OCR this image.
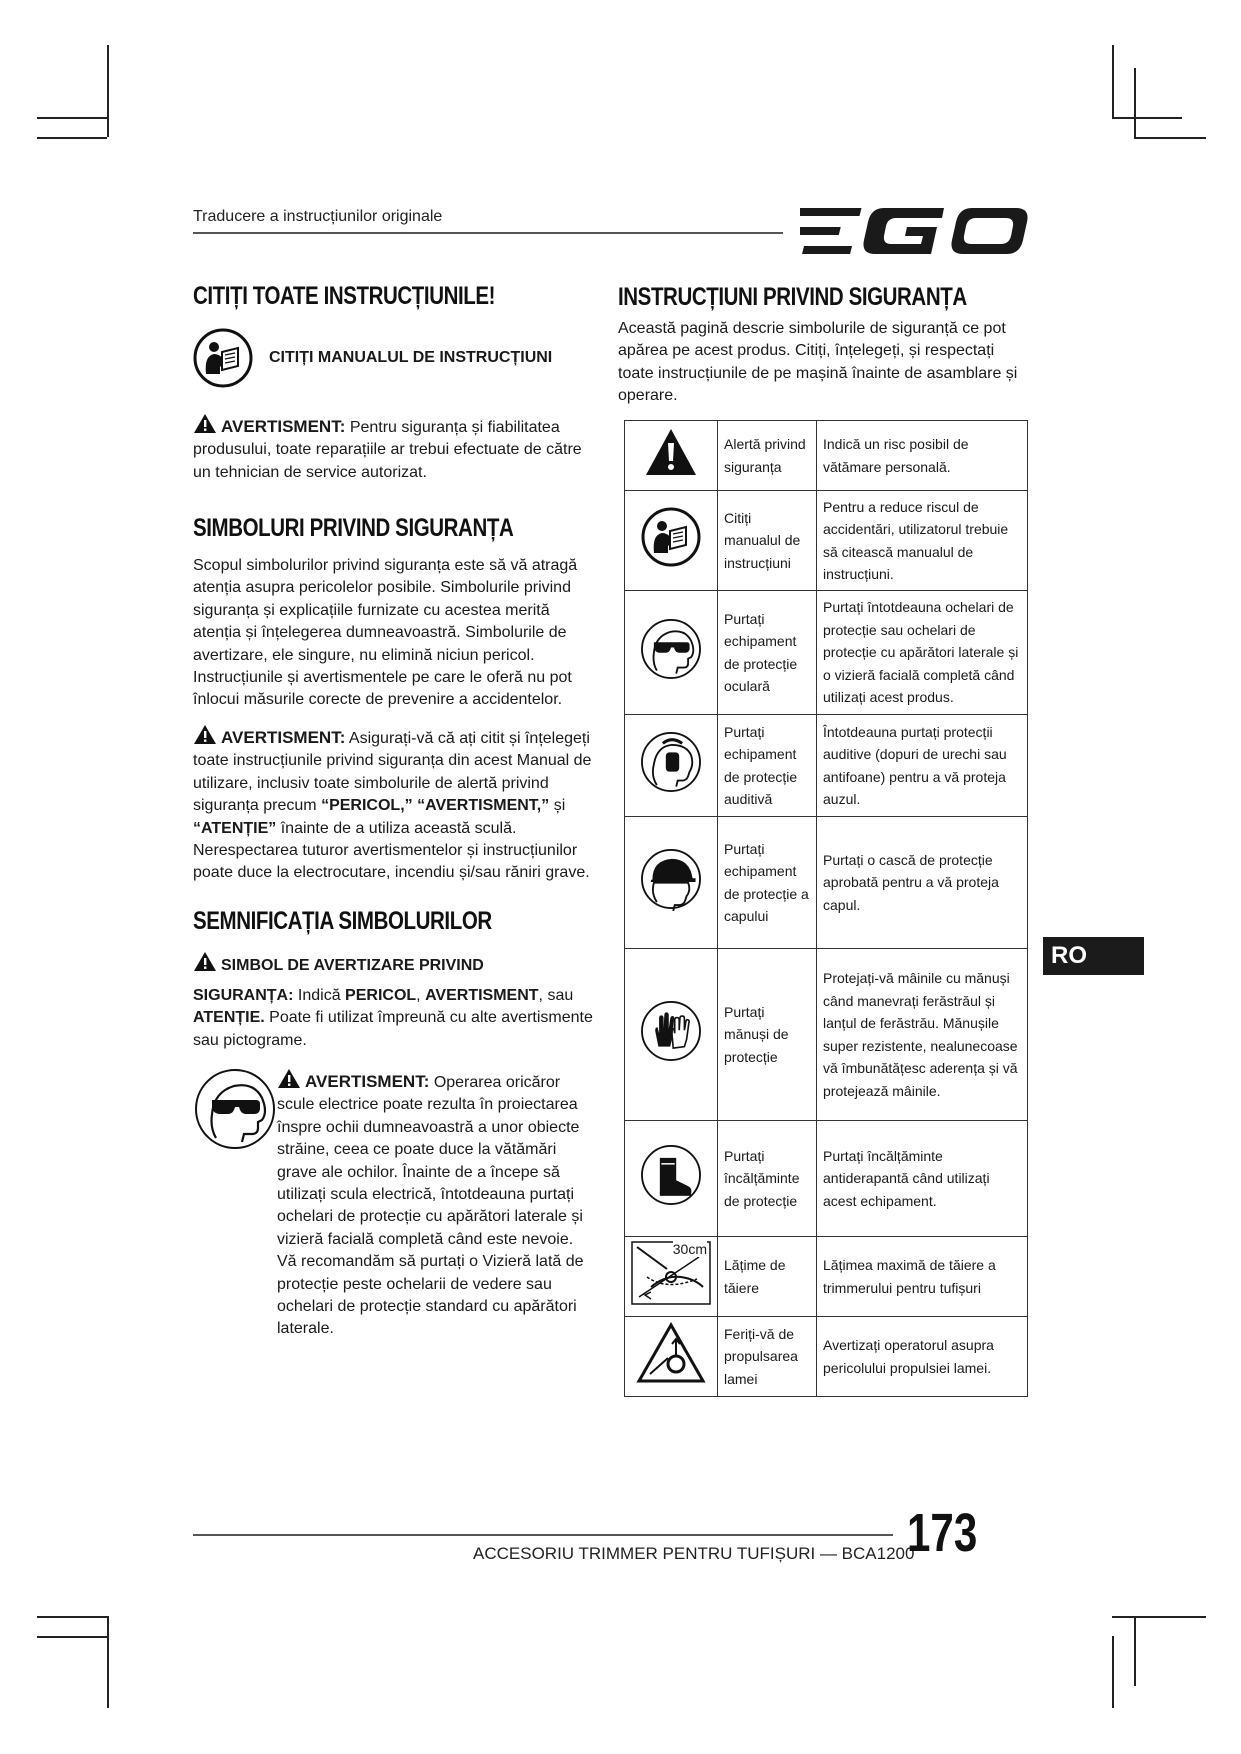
Traducere a instrucțiunilor originale
CITIȚI TOATE INSTRUCȚIUNILE!
CITIȚI MANUALUL DE INSTRUCȚIUNI
AVERTISMENT: Pentru siguranța și fiabilitatea produsului, toate reparațiile ar trebui efectuate de către un tehnician de service autorizat.
SIMBOLURI PRIVIND SIGURANȚA
Scopul simbolurilor privind siguranța este să vă atragă atenția asupra pericolelor posibile. Simbolurile privind siguranța și explicațiile furnizate cu acestea merită atenția și înțelegerea dumneavoastră. Simbolurile de avertizare, ele singure, nu elimină niciun pericol. Instrucțiunile și avertismentele pe care le oferă nu pot înlocui măsurile corecte de prevenire a accidentelor.
AVERTISMENT: Asigurați-vă că ați citit și înțelegeți toate instrucțiunile privind siguranța din acest Manual de utilizare, inclusiv toate simbolurile de alertă privind siguranța precum “PERICOL,” “AVERTISMENT,” și “ATENȚIE” înainte de a utiliza această sculă. Nerespectarea tuturor avertismentelor și instrucțiunilor poate duce la electrocutare, incendiu și/sau răniri grave.
SEMNIFICAȚIA SIMBOLURILOR
SIMBOL DE AVERTIZARE PRIVIND
SIGURANȚA: Indică PERICOL, AVERTISMENT, sau ATENȚIE. Poate fi utilizat împreună cu alte avertismente sau pictograme.
AVERTISMENT: Operarea oricăror scule electrice poate rezulta în proiectarea înspre ochii dumneavoastră a unor obiecte străine, ceea ce poate duce la vătămări grave ale ochilor. Înainte de a începe să utilizați scula electrică, întotdeauna purtați ochelari de protecție cu apărători laterale și vizieră facială completă când este nevoie. Vă recomandăm să purtați o Vizieră lată de protecție peste ochelarii de vedere sau ochelari de protecție standard cu apărători laterale.
INSTRUCȚIUNI PRIVIND SIGURANȚA
Această pagină descrie simbolurile de siguranță ce pot apărea pe acest produs. Citiți, înțelegeți, și respectați toate instrucțiunile de pe mașină înainte de asamblare și operare.
	Alertă privind siguranța	Indică un risc posibil de vătămare personală.
	Citiți manualul de instrucțiuni	Pentru a reduce riscul de accidentări, utilizatorul trebuie să citească manualul de instrucțiuni.
	Purtați echipament de protecție oculară	Purtați întotdeauna ochelari de protecție sau ochelari de protecție cu apărători laterale și o vizieră facială completă când utilizați acest produs.
	Purtați echipament de protecție auditivă	Întotdeauna purtați protecții auditive (dopuri de urechi sau antifoane) pentru a vă proteja auzul.
	Purtați echipament de protecție a capului	Purtați o cască de protecție aprobată pentru a vă proteja capul.
	Purtați mănuși de protecție	Protejați-vă mâinile cu mănuși când manevrați ferăstrăul și lanțul de ferăstrău. Mănușile super rezistente, nealunecoase vă îmbunătățesc aderența și vă protejează mâinile.
	Purtați încălțăminte de protecție	Purtați încălțăminte antiderapantă când utilizați acest echipament.

30cm	Lățime de tăiere	Lățimea maximă de tăiere a trimmerului pentru tufișuri
	Feriți-vă de propulsarea lamei	Avertizați operatorul asupra pericolului propulsiei lamei.
RO
ACCESORIU TRIMMER PENTRU TUFIȘURI — BCA1200
173
